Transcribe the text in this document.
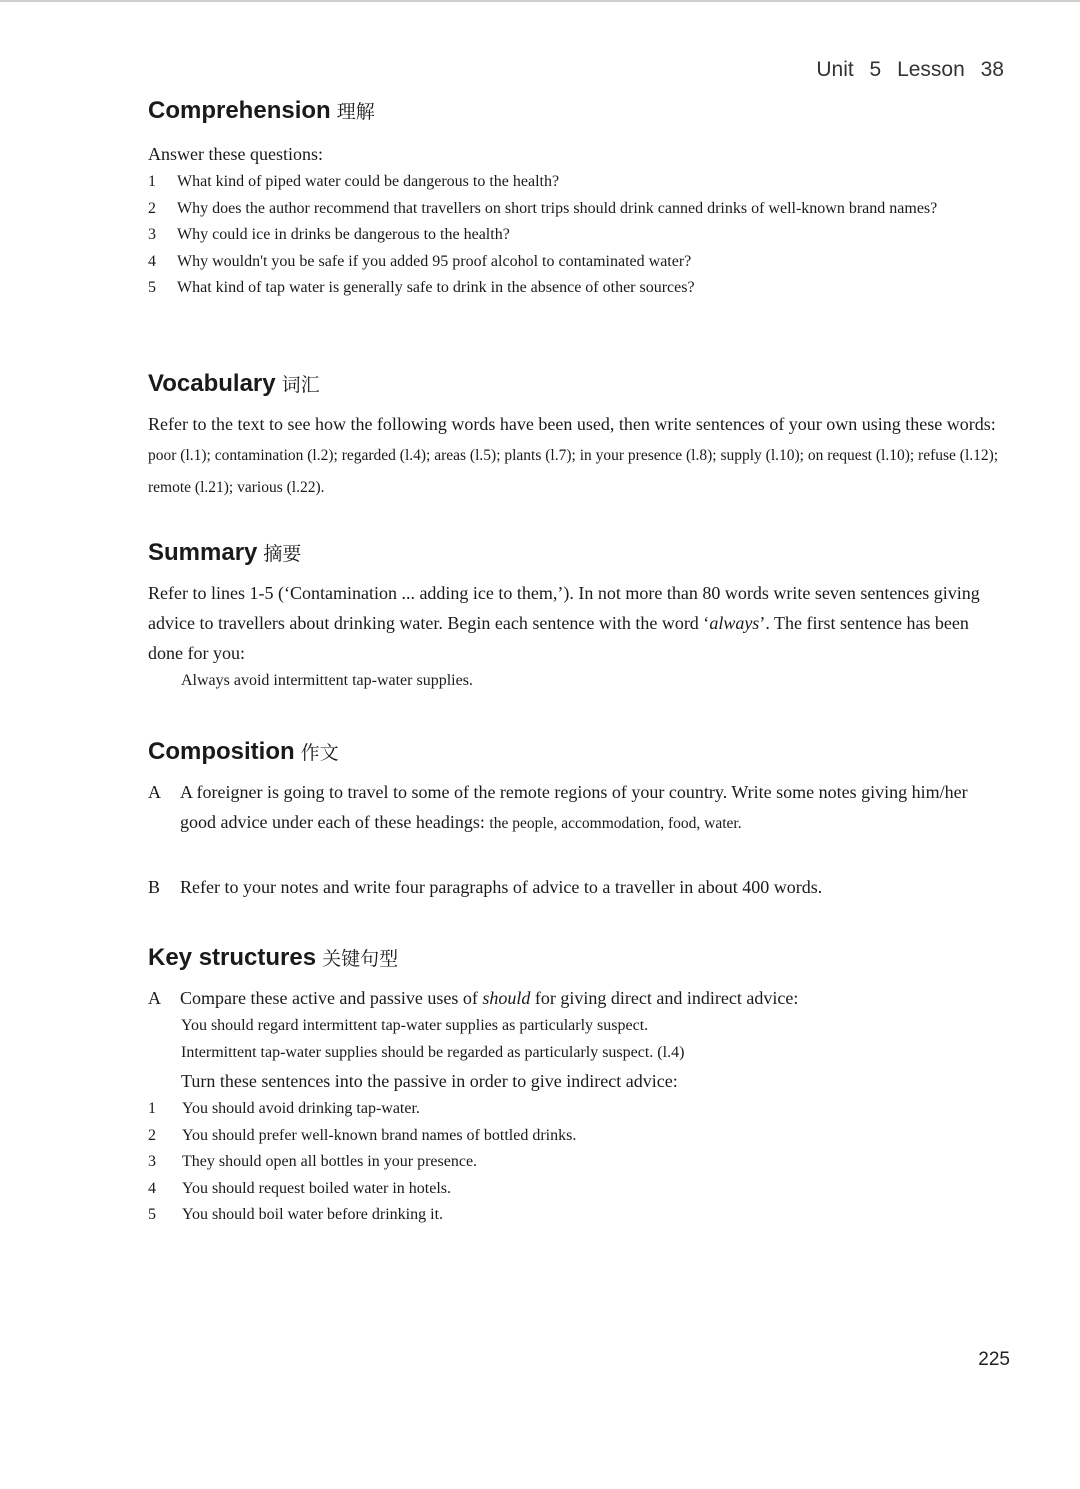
Unit 5 Lesson 38
Comprehension 理解

Answer these questions:

1 What kind of piped water could be dangerous to the health?

2 Why does the author recommend that travellers on short trips should drink canned drinks of well-known brand names?

3 Why could ice in drinks be dangerous to the health?

4 Why wouldn't you be safe if you added 95 proof alcohol to contaminated water?

5 What kind of tap water is generally safe to drink in the absence of other sources?

Vocabulary 词汇

Refer to the text to see how the following words have been used, then write sentences of your own using these words: poor (l.1); contamination (l.2); regarded (l.4); areas (l.5); plants (l.7); in your presence (l.8); supply (l.10); on request (l.10); refuse (l.12); remote (l.21); various (l.22).

Summary 摘要

Refer to lines 1-5 (‘Contamination ... adding ice to them,’). In not more than 80 words write seven sentences giving advice to travellers about drinking water. Begin each sentence with the word ‘always’. The first sentence has been done for you:

Always avoid intermittent tap-water supplies.

Composition 作文

A A foreigner is going to travel to some of the remote regions of your country. Write some notes giving him/her good advice under each of these headings: the people, accommodation, food, water.

B Refer to your notes and write four paragraphs of advice to a traveller in about 400 words.

Key structures 关键句型

A Compare these active and passive uses of should for giving direct and indirect advice:

You should regard intermittent tap-water supplies as particularly suspect.

Intermittent tap-water supplies should be regarded as particularly suspect. (l.4)

Turn these sentences into the passive in order to give indirect advice:

1 You should avoid drinking tap-water.

2 You should prefer well-known brand names of bottled drinks.

3 They should open all bottles in your presence.

4 You should request boiled water in hotels.

5 You should boil water before drinking it.

225
